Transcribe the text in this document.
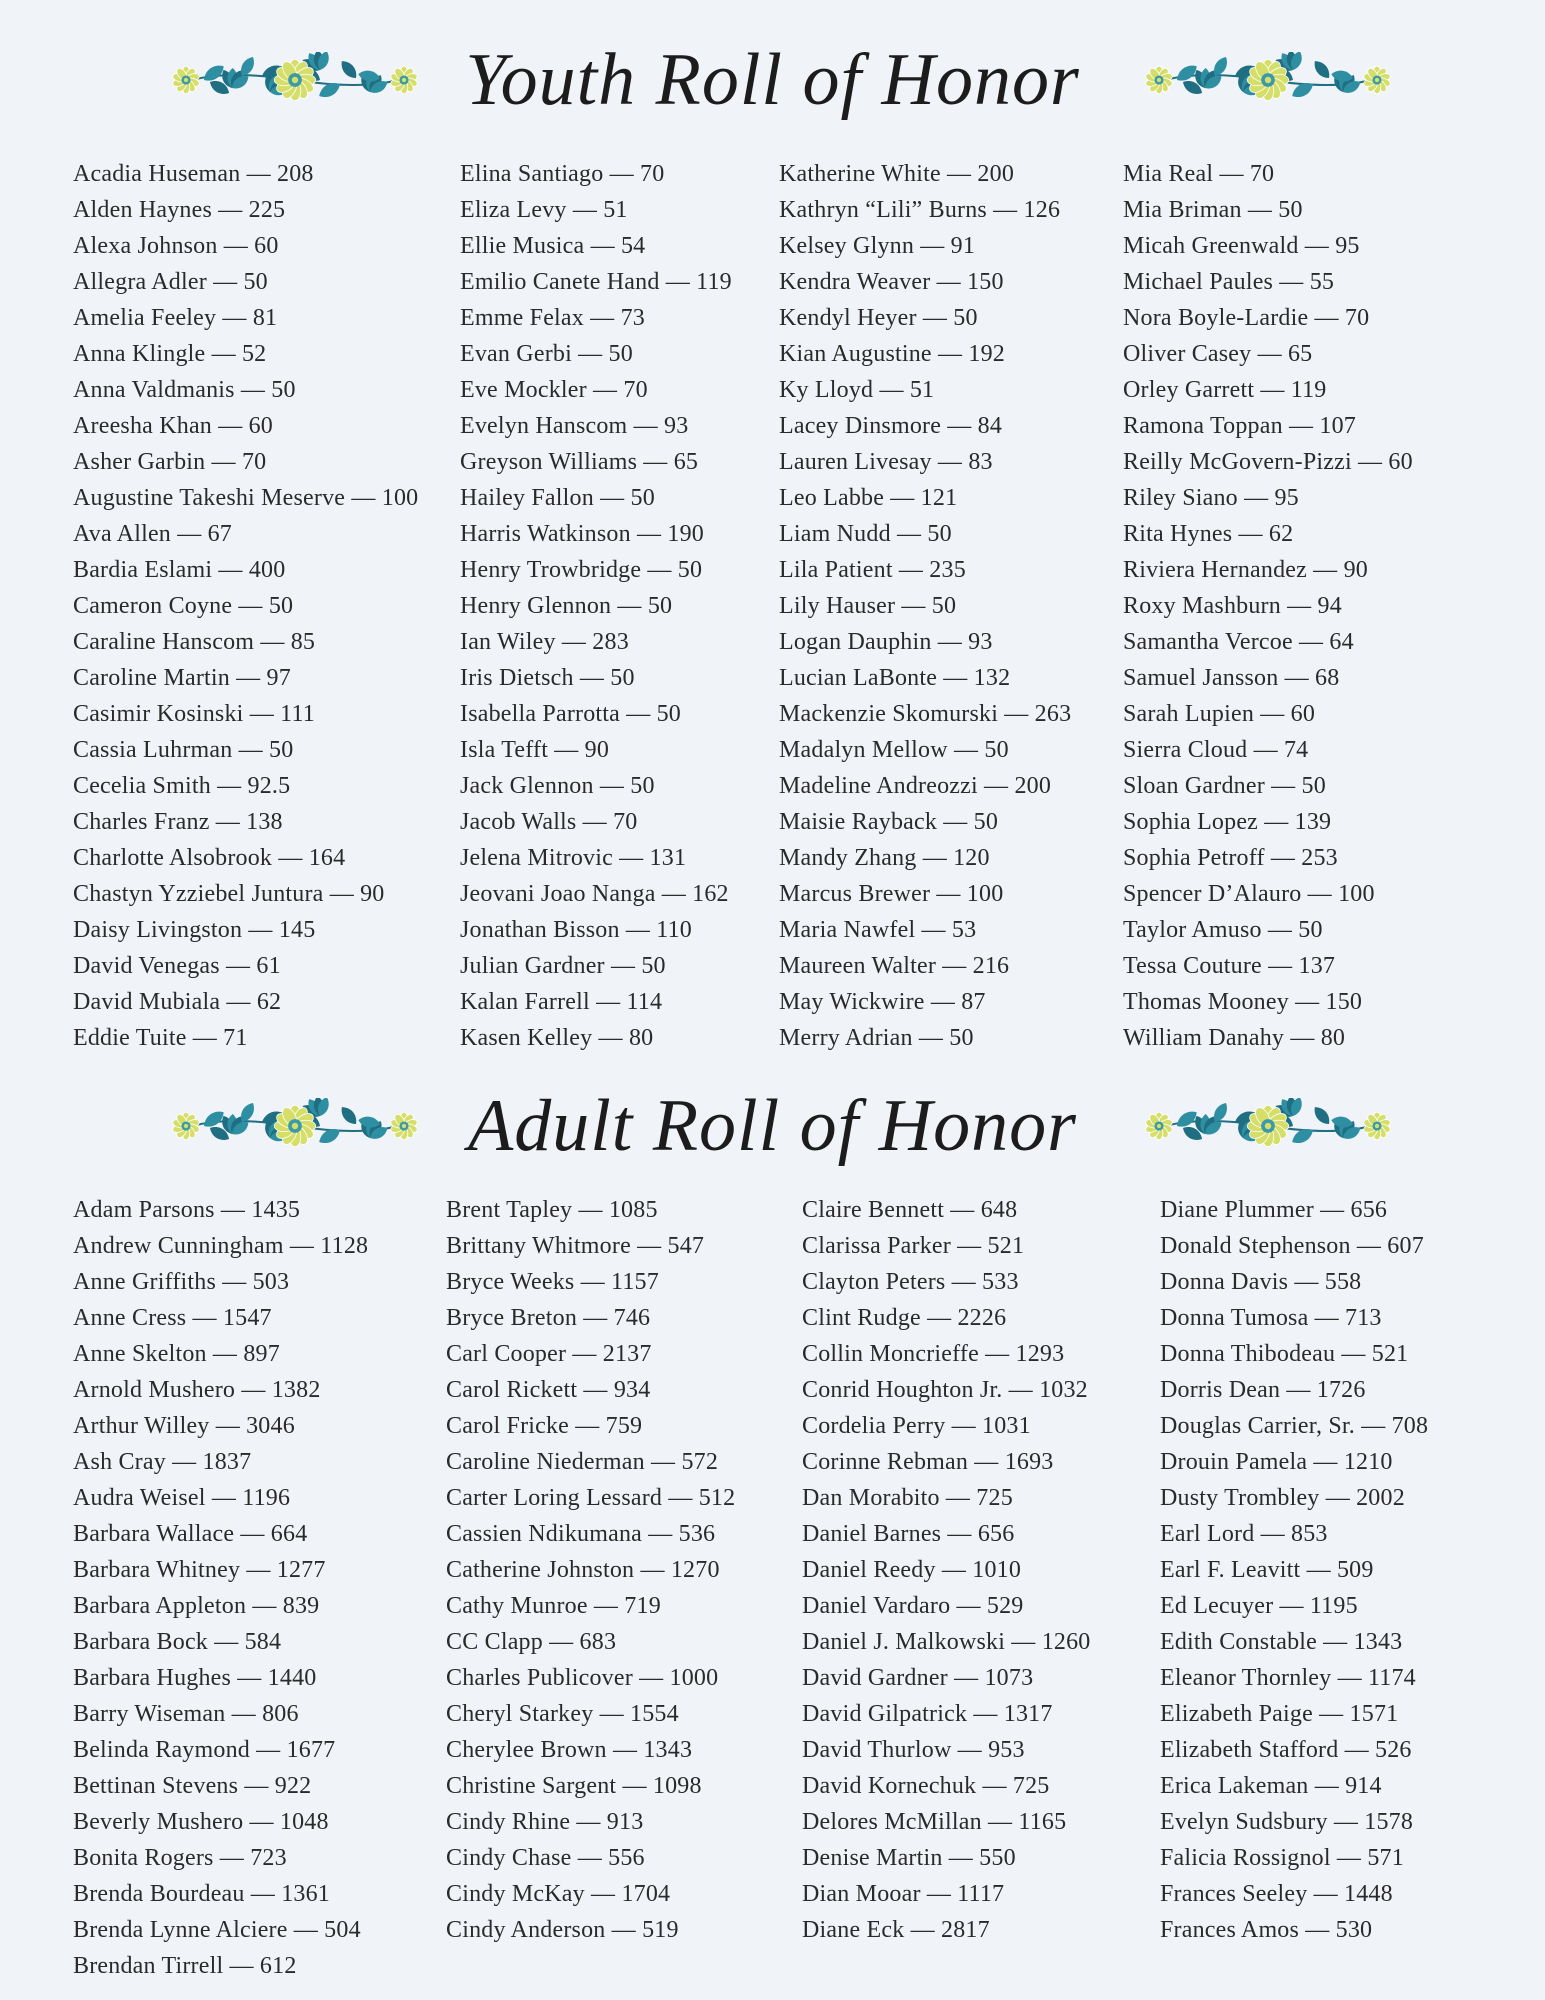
Youth Roll of Honor
Acadia Huseman — 208
Alden Haynes — 225
Alexa Johnson — 60
Allegra Adler — 50
Amelia Feeley — 81
Anna Klingle — 52
Anna Valdmanis — 50
Areesha Khan — 60
Asher Garbin — 70
Augustine Takeshi Meserve — 100
Ava Allen — 67
Bardia Eslami — 400
Cameron Coyne — 50
Caraline Hanscom — 85
Caroline Martin — 97
Casimir Kosinski — 111
Cassia Luhrman — 50
Cecelia Smith — 92.5
Charles Franz — 138
Charlotte Alsobrook — 164
Chastyn Yzziebel Juntura — 90
Daisy Livingston — 145
David Venegas — 61
David Mubiala — 62
Eddie Tuite — 71
Elina Santiago — 70
Eliza Levy — 51
Ellie Musica — 54
Emilio Canete Hand — 119
Emme Felax — 73
Evan Gerbi — 50
Eve Mockler — 70
Evelyn Hanscom — 93
Greyson Williams — 65
Hailey Fallon — 50
Harris Watkinson — 190
Henry Trowbridge — 50
Henry Glennon — 50
Ian Wiley — 283
Iris Dietsch — 50
Isabella Parrotta — 50
Isla Tefft — 90
Jack Glennon — 50
Jacob Walls — 70
Jelena Mitrovic — 131
Jeovani Joao Nanga — 162
Jonathan Bisson — 110
Julian Gardner — 50
Kalan Farrell — 114
Kasen Kelley — 80
Katherine White — 200
Kathryn “Lili” Burns — 126
Kelsey Glynn — 91
Kendra Weaver — 150
Kendyl Heyer — 50
Kian Augustine — 192
Ky Lloyd — 51
Lacey Dinsmore — 84
Lauren Livesay — 83
Leo Labbe — 121
Liam Nudd — 50
Lila Patient — 235
Lily Hauser — 50
Logan Dauphin — 93
Lucian LaBonte — 132
Mackenzie Skomurski — 263
Madalyn Mellow — 50
Madeline Andreozzi — 200
Maisie Rayback — 50
Mandy Zhang — 120
Marcus Brewer — 100
Maria Nawfel — 53
Maureen Walter — 216
May Wickwire — 87
Merry Adrian — 50
Mia Real — 70
Mia Briman — 50
Micah Greenwald — 95
Michael Paules — 55
Nora Boyle-Lardie — 70
Oliver Casey — 65
Orley Garrett — 119
Ramona Toppan — 107
Reilly McGovern-Pizzi — 60
Riley Siano — 95
Rita Hynes — 62
Riviera Hernandez — 90
Roxy Mashburn — 94
Samantha Vercoe — 64
Samuel Jansson — 68
Sarah Lupien — 60
Sierra Cloud — 74
Sloan Gardner — 50
Sophia Lopez — 139
Sophia Petroff — 253
Spencer D’Alauro — 100
Taylor Amuso — 50
Tessa Couture — 137
Thomas Mooney — 150
William Danahy — 80
Adult Roll of Honor
Adam Parsons — 1435
Andrew Cunningham — 1128
Anne Griffiths — 503
Anne Cress — 1547
Anne Skelton — 897
Arnold Mushero — 1382
Arthur Willey — 3046
Ash Cray — 1837
Audra Weisel — 1196
Barbara Wallace — 664
Barbara Whitney — 1277
Barbara Appleton — 839
Barbara Bock — 584
Barbara Hughes — 1440
Barry Wiseman — 806
Belinda Raymond — 1677
Bettinan Stevens — 922
Beverly Mushero — 1048
Bonita Rogers — 723
Brenda Bourdeau — 1361
Brenda Lynne Alciere — 504
Brendan Tirrell — 612
Brent Tapley — 1085
Brittany Whitmore — 547
Bryce Weeks — 1157
Bryce Breton — 746
Carl Cooper — 2137
Carol Rickett — 934
Carol Fricke — 759
Caroline Niederman — 572
Carter Loring Lessard — 512
Cassien Ndikumana — 536
Catherine Johnston — 1270
Cathy Munroe — 719
CC Clapp — 683
Charles Publicover — 1000
Cheryl Starkey — 1554
Cherylee Brown — 1343
Christine Sargent — 1098
Cindy Rhine — 913
Cindy Chase — 556
Cindy McKay — 1704
Cindy Anderson — 519
Claire Bennett — 648
Clarissa Parker — 521
Clayton Peters — 533
Clint Rudge — 2226
Collin Moncrieffe — 1293
Conrid Houghton Jr. — 1032
Cordelia Perry — 1031
Corinne Rebman — 1693
Dan Morabito — 725
Daniel Barnes — 656
Daniel Reedy — 1010
Daniel Vardaro — 529
Daniel J. Malkowski — 1260
David Gardner — 1073
David Gilpatrick — 1317
David Thurlow — 953
David Kornechuk — 725
Delores McMillan — 1165
Denise Martin — 550
Dian Mooar — 1117
Diane Eck — 2817
Diane Plummer — 656
Donald Stephenson — 607
Donna Davis — 558
Donna Tumosa — 713
Donna Thibodeau — 521
Dorris Dean — 1726
Douglas Carrier, Sr. — 708
Drouin Pamela — 1210
Dusty Trombley — 2002
Earl Lord — 853
Earl F. Leavitt — 509
Ed Lecuyer — 1195
Edith Constable — 1343
Eleanor Thornley — 1174
Elizabeth Paige — 1571
Elizabeth Stafford — 526
Erica Lakeman — 914
Evelyn Sudsbury — 1578
Falicia Rossignol — 571
Frances Seeley — 1448
Frances Amos — 530
